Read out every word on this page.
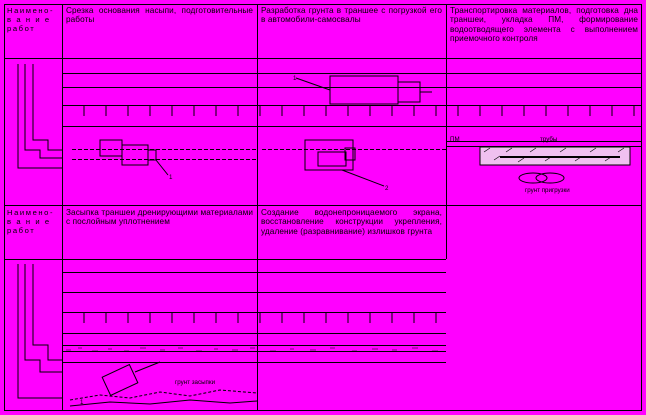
1
1
2
ПМ	трубы
грунт пригрузки
1
грунт засыпки
Наимено-
в а н и е
работ
Наимено-
в а н и е
работ
Срезка основания насыпи, подготовительные работы
Разработка грунта в траншее с погрузкой его в автомобили-самосвалы
Транспортировка материалов, подготовка дна траншеи, укладка ПМ, формирование водоотводящего элемента с выполнением приемочного контроля
Засыпка траншеи дренирующими материалами с послойным уплотнением
Создание водонепроницаемого экрана, восстановление конструкции укрепления, удаление (разравнивание) излишков грунта
